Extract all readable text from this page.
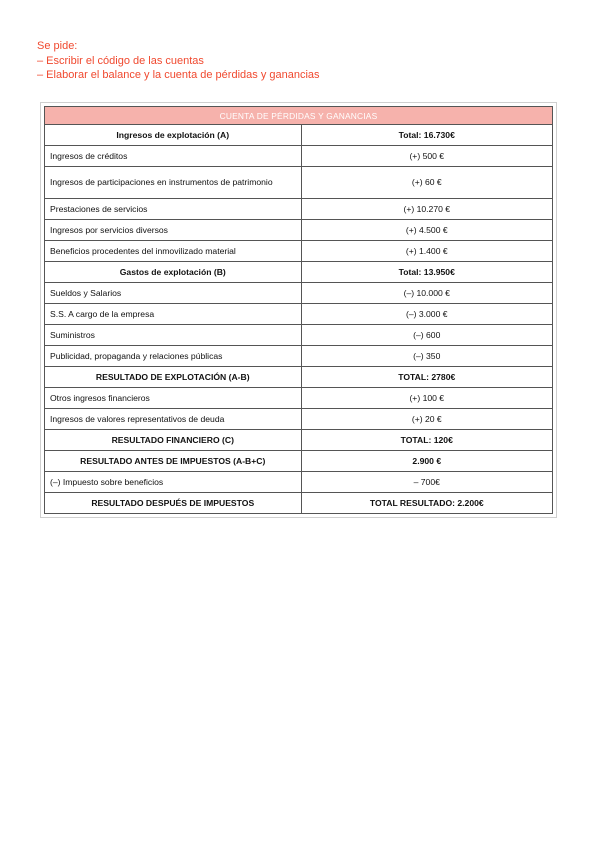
Se pide:
– Escribir el código de las cuentas
– Elaborar el balance y la cuenta de pérdidas y ganancias
CUENTA DE PÉRDIDAS Y GANANCIAS	
Ingresos de explotación (A)	Total: 16.730€
Ingresos de créditos	(+) 500 €
Ingresos de participaciones en instrumentos de patrimonio	(+) 60 €
Prestaciones de servicios	(+) 10.270 €
Ingresos por servicios diversos	(+) 4.500 €
Beneficios procedentes del inmovilizado material	(+) 1.400 €
Gastos de explotación (B)	Total: 13.950€
Sueldos y Salarios	(–) 10.000 €
S.S. A cargo de la empresa	(–) 3.000 €
Suministros	(–) 600
Publicidad, propaganda y relaciones públicas	(–) 350
RESULTADO DE EXPLOTACIÓN (A-B)	TOTAL: 2780€
Otros ingresos financieros	(+) 100 €
Ingresos de valores representativos de deuda	(+) 20 €
RESULTADO FINANCIERO (C)	TOTAL: 120€
RESULTADO ANTES DE IMPUESTOS (A-B+C)	2.900 €
(–) Impuesto sobre beneficios	– 700€
RESULTADO DESPUÉS DE IMPUESTOS	TOTAL RESULTADO: 2.200€
